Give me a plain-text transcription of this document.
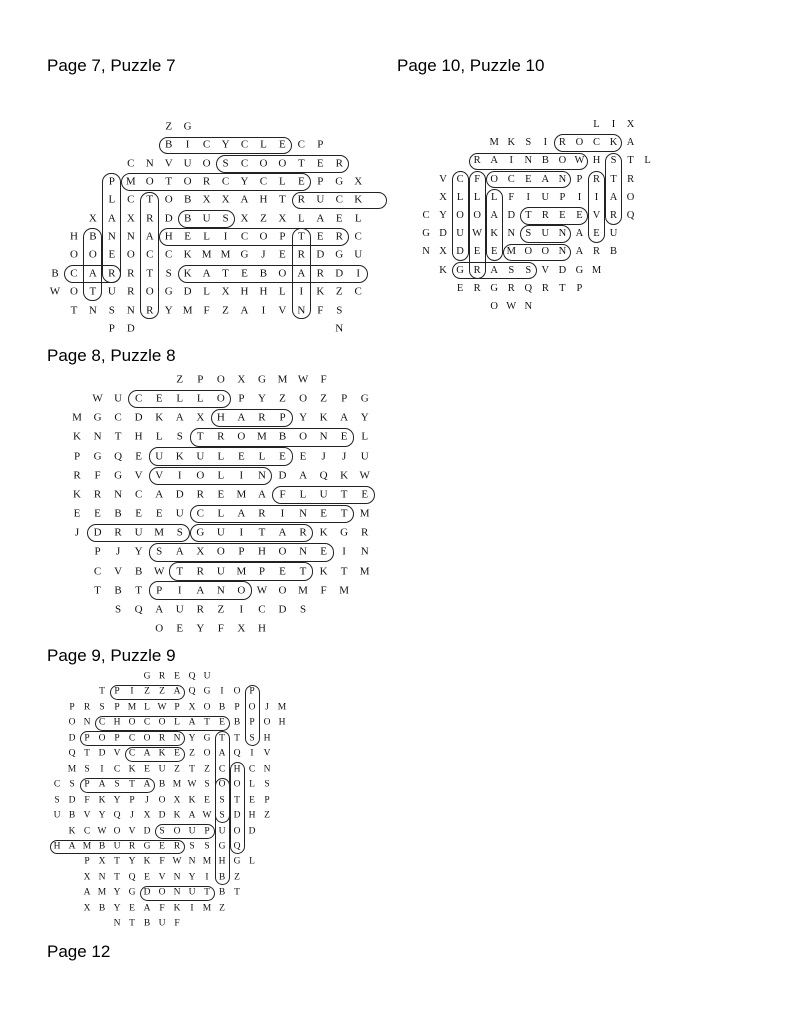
Page 7, Puzzle 7	Page 10, Puzzle 10
Page 8, Puzzle 8
Page 9, Puzzle 9
Page 12
Z G
B I C Y C L E C P
C N V U O S C O O T E R
P M O T O R C Y C L E P G X
L C T O B X X A H T R U C K
X A X R D B U S X Z X L A E L
H B N N A H E L I C O P T E R C
O O E O C C K M M G J E R D G U
B C A R R T S K A T E B O A R D I
W O T U R O G D L X H H L I K Z C
T N S N R Y M F Z A I V N F S
P D	N
Z P O X G M W F
W U C E L L O P Y Z O Z P G
M G C D K A X H A R P Y K A Y
K N T H L S T R O M B O N E L
P G Q E U K U L E L E E J J U
R F G V V I O L I N D A Q K W
K R N C A D R E M A F L U T E
E E B E E U C L A R I N E T M
J D R U M S G U I T A R K G R
P J Y S A X O P H O N E I N
C V B W T R U M P E T K T M
T B T P I A N O W O M F M
S Q A U R Z I C D S
O E Y F X H
G R E Q U
T P I Z Z A Q G I O P
P R S P M L W P X O B P O J M
O N C H O C O L A T E B P O H
D P O P C O R N Y G T T S H
Q T D V C A K E Z O A Q I V
M S I C K E U Z T Z C H C N
C S P A S T A B M W S O O L S
S D F K Y P J O X K E S T E P
U B V Y Q J X D K A W S D H Z
K C W O V D S O U P U O D
H A M B U R G E R S S G Q
P X T Y K F W N M H G L
X N T Q E V N Y I B Z
A M Y G D O N U T B T
X B Y E A F K I M Z
N T B U F
L I X
M K S I R O C K A
R A I N B O W H S T L
V C F O C E A N P R T R
X L L L F I U P I I A O
C Y O O A D T R E E V R Q
G D U W K N S U N A E U
N X D E E M O O N A R B
K G R A S S V D G M
E R G R Q R T P
O W N
